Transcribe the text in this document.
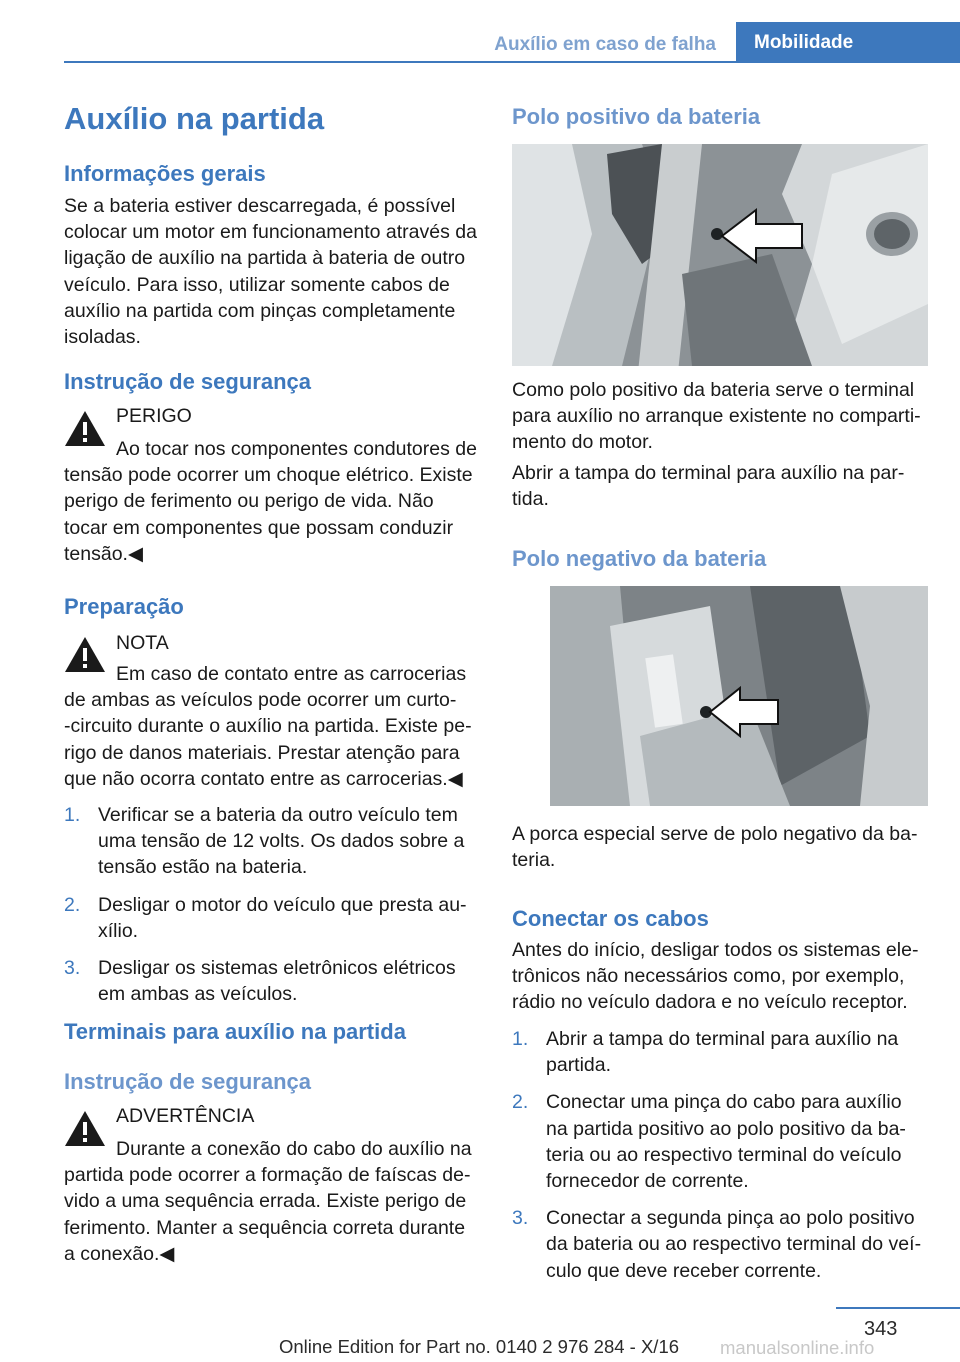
Auxílio em caso de falha	Mobilidade
Auxílio na partida
Informações gerais

Se a bateria estiver descarregada, é possível colocar um motor em funcionamento através da ligação de auxílio na partida à bateria de outro veículo. Para isso, utilizar somente cabos de auxílio na partida com pinças completamente isoladas.

Instrução de segurança
PERIGO

Ao tocar nos componentes condutores de tensão pode ocorrer um choque elétrico. Existe perigo de ferimento ou perigo de vida. Não tocar em componentes que possam conduzir tensão.◀

Preparação
NOTA

Em caso de contato entre as carrocerias de ambas as veículos pode ocorrer um curto-‑circuito durante o auxílio na partida. Existe perigo de danos materiais. Prestar atenção para que não ocorra contato entre as carrocerias.◀

1. Verificar se a bateria da outro veículo tem uma tensão de 12 volts. Os dados sobre a tensão estão na bateria.
2. Desligar o motor do veículo que presta auxílio.
3. Desligar os sistemas eletrônicos elétricos em ambas as veículos.
Terminais para auxílio na partida
Instrução de segurança
ADVERTÊNCIA

Durante a conexão do cabo do auxílio na partida pode ocorrer a formação de faíscas devido a uma sequência errada. Existe perigo de ferimento. Manter a sequência correta durante a conexão.◀

Polo positivo da bateria

Como polo positivo da bateria serve o terminal para auxílio no arranque existente no compartimento do motor.

Abrir a tampa do terminal para auxílio na partida.

Polo negativo da bateria

A porca especial serve de polo negativo da bateria.

Conectar os cabos

Antes do início, desligar todos os sistemas eletrônicos não necessários como, por exemplo, rádio no veículo dadora e no veículo receptor.

1. Abrir a tampa do terminal para auxílio na partida.
2. Conectar uma pinça do cabo para auxílio na partida positivo ao polo positivo da bateria ou ao respectivo terminal do veículo fornecedor de corrente.
3. Conectar a segunda pinça ao polo positivo da bateria ou ao respectivo terminal do veículo que deve receber corrente.
343
Online Edition for Part no. 0140 2 976 284 - X/16	manualsonline.info
